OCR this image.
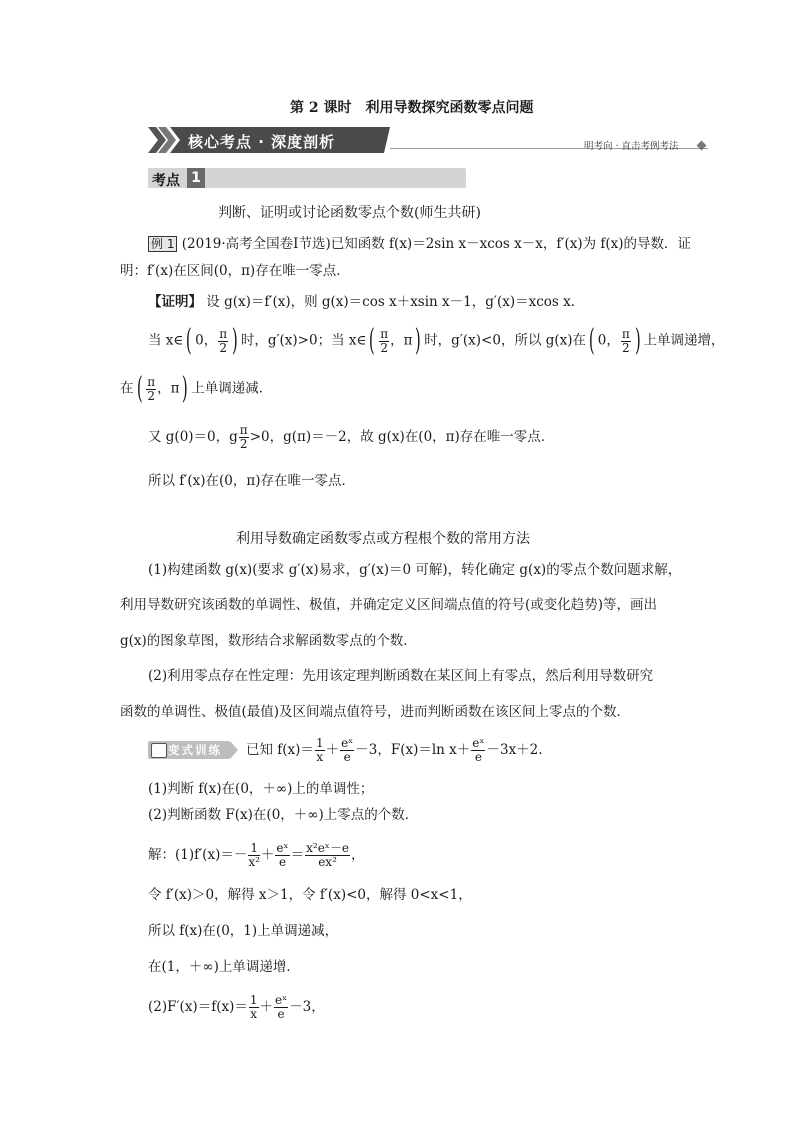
第 2 课时　利用导数探究函数零点问题
核心考点 · 深度剖析	明考向 · 直击考例考法
考点 1
判断、证明或讨论函数零点个数(师生共研)
例 1 (2019·高考全国卷Ⅰ节选)已知函数 f(x)＝2sin x－xcos x－x，f′(x)为 f(x)的导数．证
明：f′(x)在区间(0，π)存在唯一零点．
【证明】 设 g(x)＝f′(x)，则 g(x)＝cos x＋xsin x－1，g′(x)＝xcos x.
当 x∈( 0， $\frac{\pi}{2}$ ) 时，g′(x)>0；当 x∈( $\frac{\pi}{2}$ ，π) 时，g′(x)<0，所以 g(x)在( 0， $\frac{\pi}{2}$ ) 上单调递增，
在( $\frac{\pi}{2}$ ，π) 上单调递减．
又 g(0)＝0，g $\frac{\pi}{2} >0$，g(π)＝－2，故 g(x)在(0，π)存在唯一零点．
所以 f′(x)在(0，π)存在唯一零点．
利用导数确定函数零点或方程根个数的常用方法
(1)构建函数 g(x)(要求 g′(x)易求，g′(x)＝0 可解)，转化确定 g(x)的零点个数问题求解，
利用导数研究该函数的单调性、极值，并确定定义区间端点值的符号(或变化趋势)等，画出
g(x)的图象草图，数形结合求解函数零点的个数．
(2)利用零点存在性定理：先用该定理判断函数在某区间上有零点，然后利用导数研究
函数的单调性、极值(最值)及区间端点值符号，进而判断函数在该区间上零点的个数．
变式训练 已知 $f(x)= \frac{1}{x} + \frac{\text{eˣ}}{e} -3$，F(x)＝ln $x+ \frac{\text{eˣ}}{e} -3x+2$.
(1)判断 f(x)在(0，＋∞)上的单调性；
(2)判断函数 F(x)在(0，＋∞)上零点的个数．
解：$(1)f'(x)=- \frac{1}{\text{x²}} + \frac{\text{eˣ}}{e} = \frac{\text{x²eˣ－e}}{\text{ex²}}$ ，
令 f′(x)＞0，解得 x＞1，令 f′(x)<0，解得 0<x<1，
所以 f(x)在(0，1)上单调递减，
在(1，＋∞)上单调递增．
$(2)F'(x)=f(x)= \frac{1}{x} + \frac{\text{eˣ}}{e} -3$，
